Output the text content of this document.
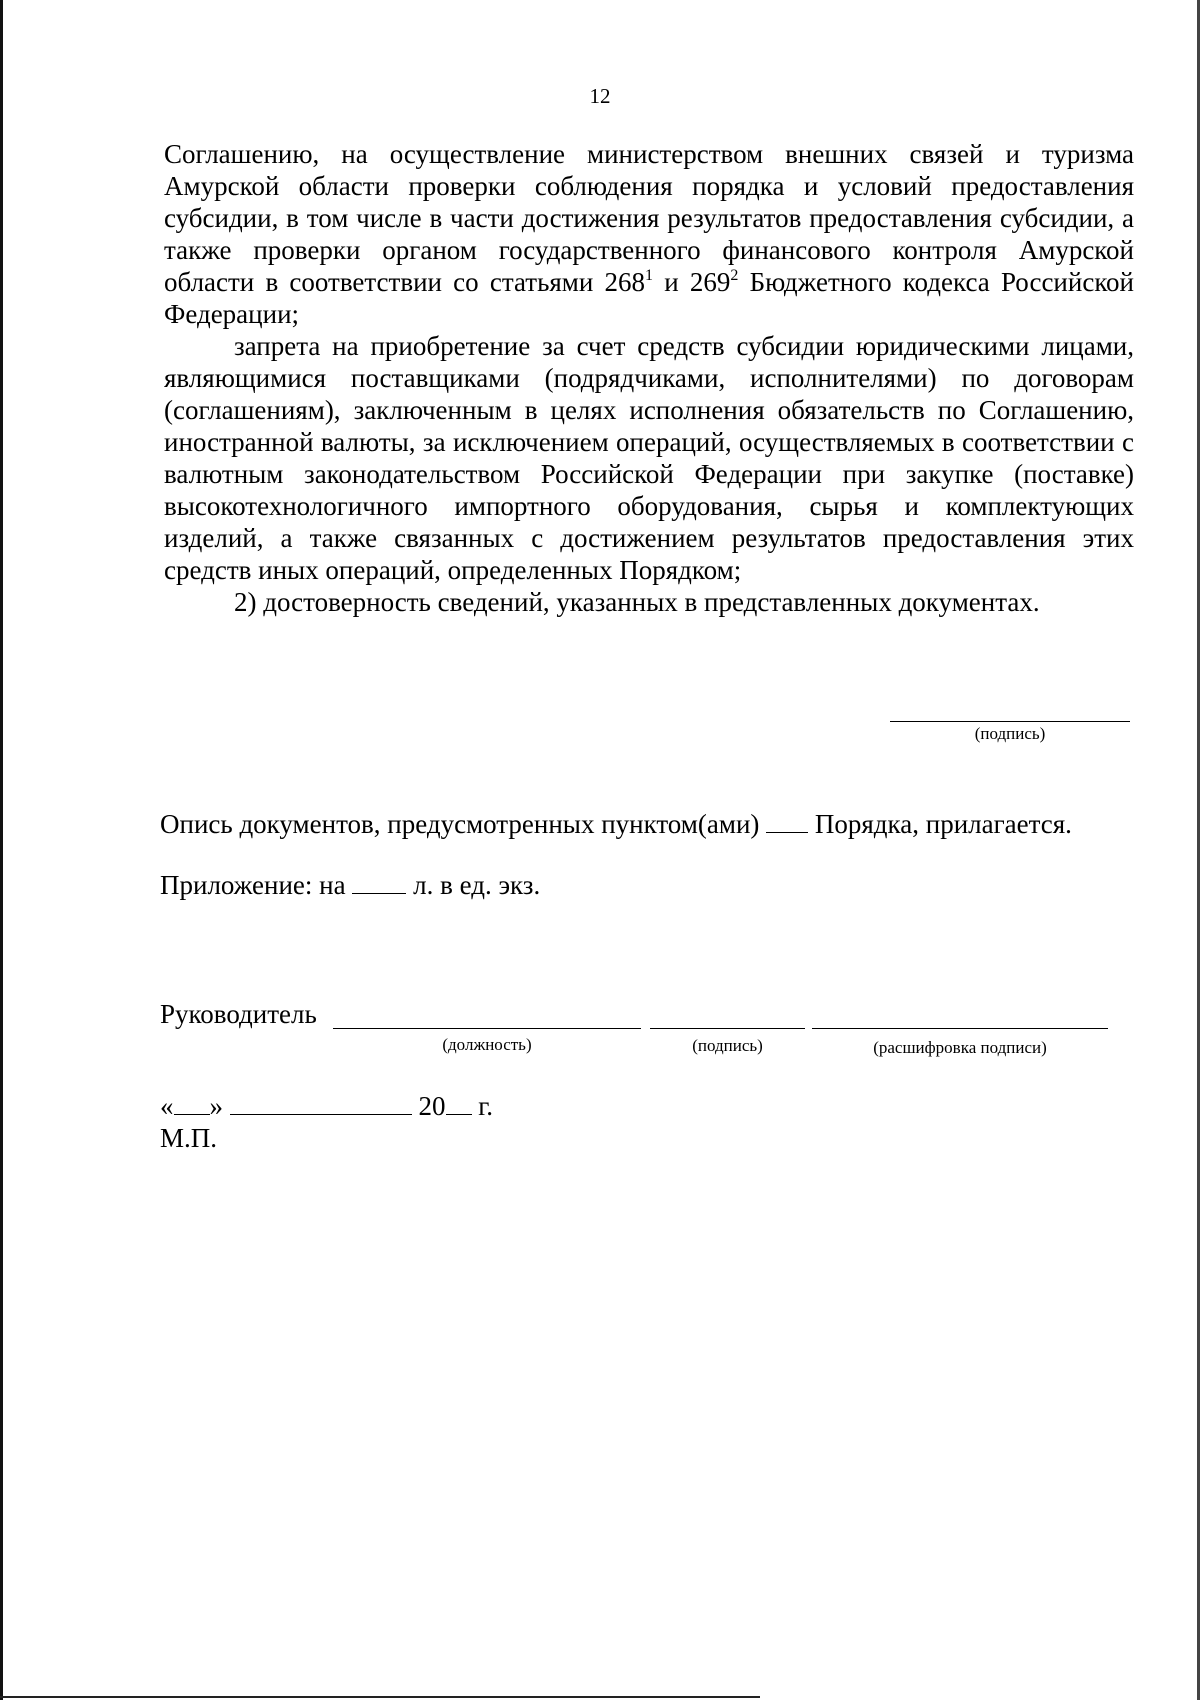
12

Соглашению, на осуществление министерством внешних связей и туризма Амурской области проверки соблюдения порядка и условий предоставления субсидии, в том числе в части достижения результатов предоставления субсидии, а также проверки органом государственного финансового контроля Амурской области в соответствии со статьями $268^1$ и $269^2$ Бюджетного кодекса Российской Федерации;

запрета на приобретение за счет средств субсидии юридическими лицами, являющимися поставщиками (подрядчиками, исполнителями) по договорам (соглашениям), заключенным в целях исполнения обязательств по Соглашению, иностранной валюты, за исключением операций, осуществляемых в соответствии с валютным законодательством Российской Федерации при закупке (поставке) высокотехнологичного импортного оборудования, сырья и комплектующих изделий, а также связанных с достижением результатов предоставления этих средств иных операций, определенных Порядком;

2) достоверность сведений, указанных в представленных документах.

(подпись)
Опись документов, предусмотренных пунктом(ами)  Порядка, прилагается.
Приложение: на  л. в ед. экз.
Руководитель
(должность)	(подпись)	(расшифровка подписи)
« »	20 г.
М.П.
